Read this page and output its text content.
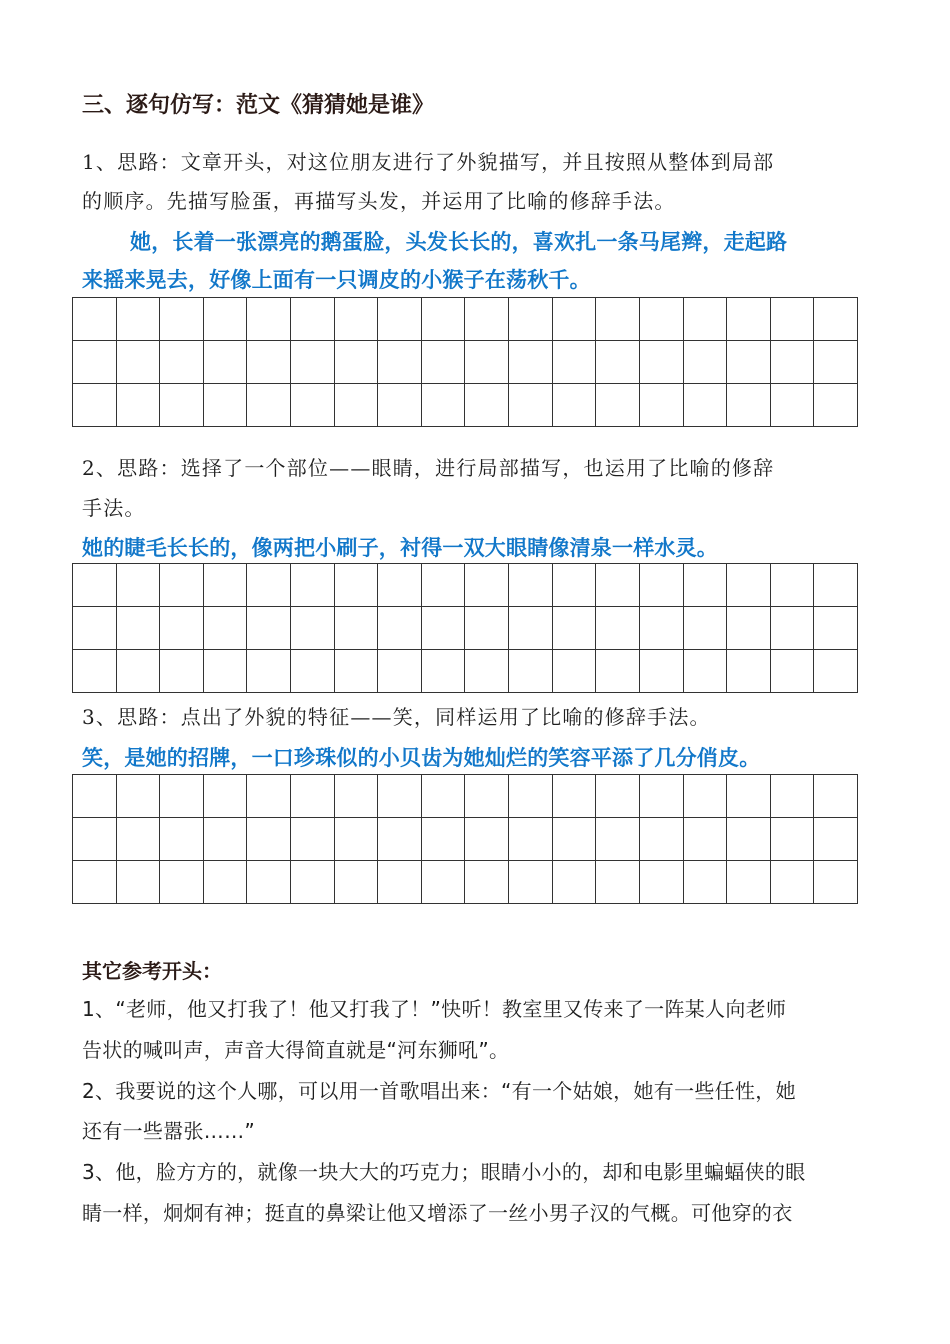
三、逐句仿写：范文《猜猜她是谁》
1、思路：文章开头，对这位朋友进行了外貌描写，并且按照从整体到局部
的顺序。先描写脸蛋，再描写头发，并运用了比喻的修辞手法。
她，长着一张漂亮的鹅蛋脸，头发长长的，喜欢扎一条马尾辫，走起路
来摇来晃去，好像上面有一只调皮的小猴子在荡秋千。

2、思路：选择了一个部位——眼睛，进行局部描写，也运用了比喻的修辞
手法。
她的睫毛长长的，像两把小刷子，衬得一双大眼睛像清泉一样水灵。

3、思路：点出了外貌的特征——笑，同样运用了比喻的修辞手法。
笑，是她的招牌，一口珍珠似的小贝齿为她灿烂的笑容平添了几分俏皮。

其它参考开头：
1、“老师，他又打我了！他又打我了！”快听！教室里又传来了一阵某人向老师
告状的喊叫声，声音大得简直就是“河东狮吼”。
2、我要说的这个人哪，可以用一首歌唱出来：“有一个姑娘，她有一些任性，她
还有一些嚣张……”
3、他，脸方方的，就像一块大大的巧克力；眼睛小小的，却和电影里蝙蝠侠的眼
睛一样，炯炯有神；挺直的鼻梁让他又增添了一丝小男子汉的气概。可他穿的衣
